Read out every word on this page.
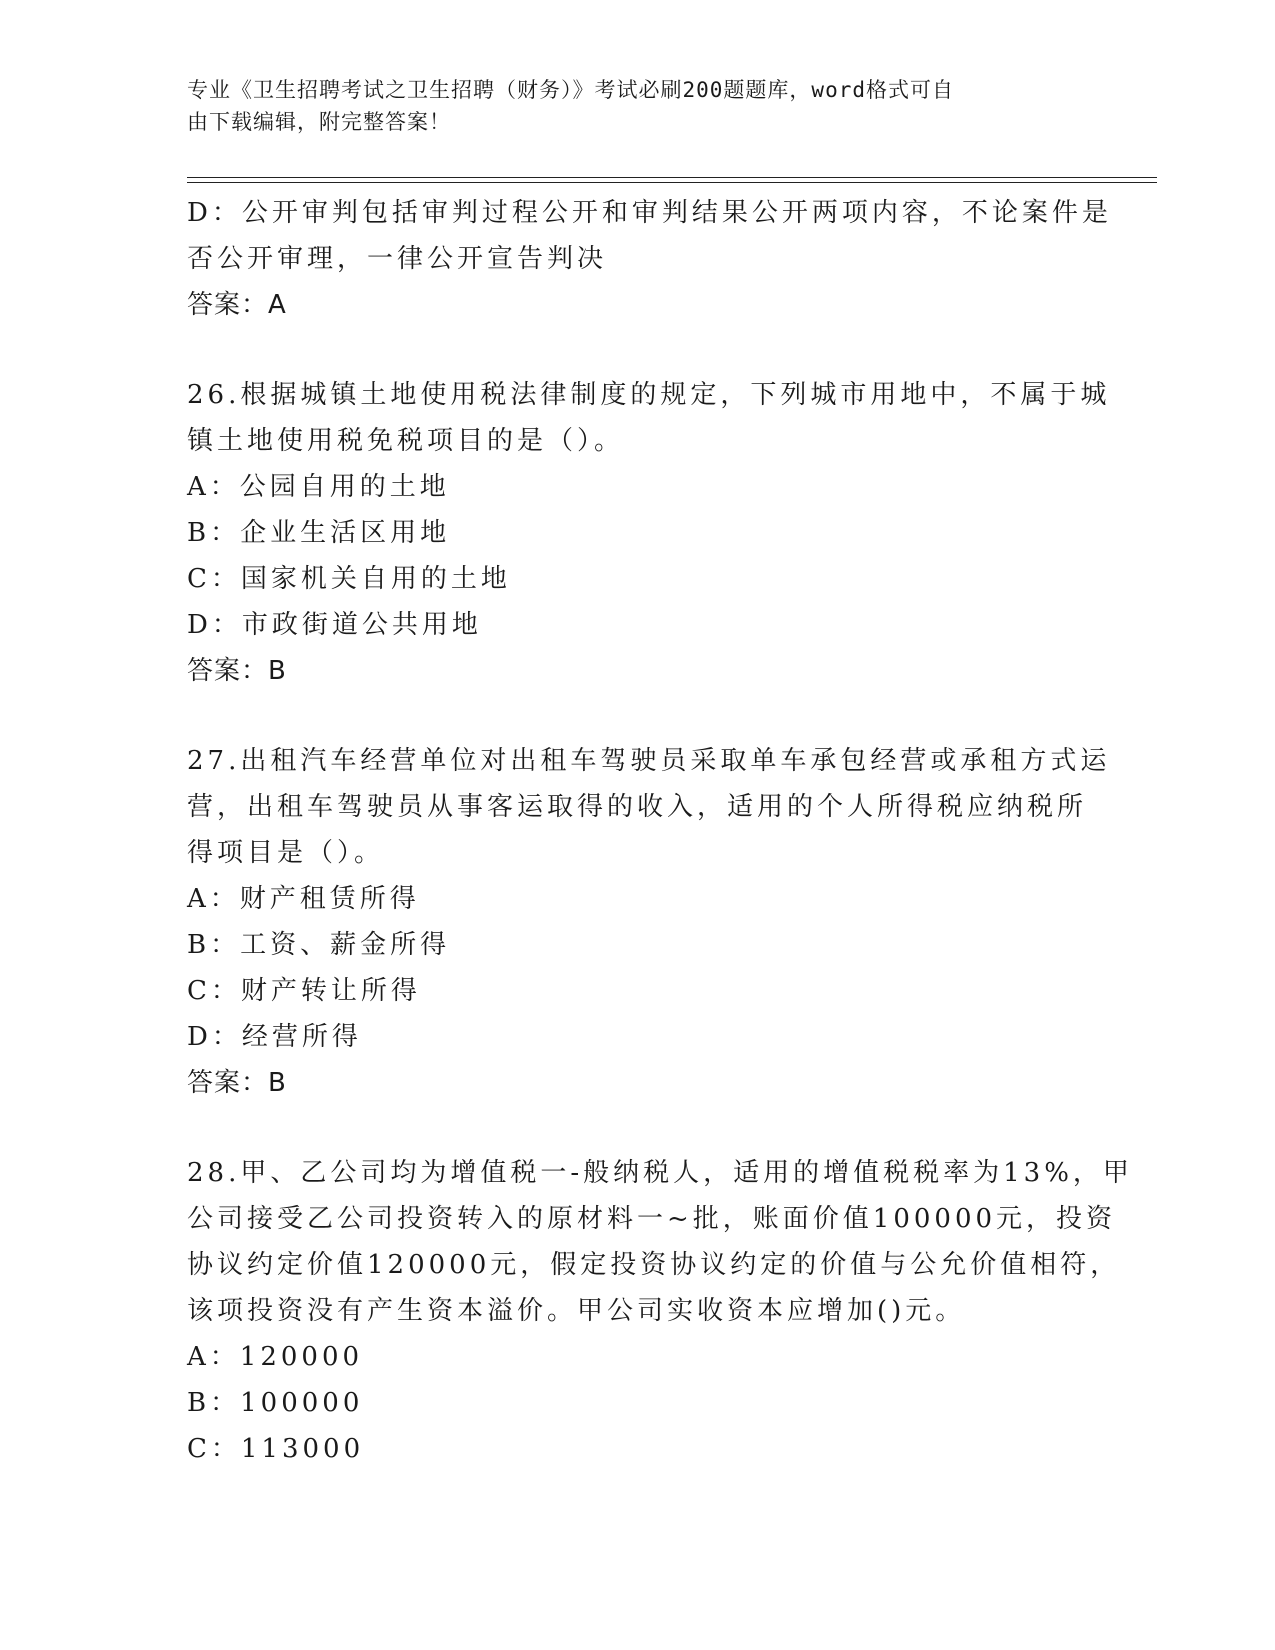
专业《卫生招聘考试之卫生招聘（财务）》考试必刷200题题库，word格式可自
由下载编辑，附完整答案！
D：公开审判包括审判过程公开和审判结果公开两项内容，不论案件是
否公开审理，一律公开宣告判决
答案：A
26.根据城镇土地使用税法律制度的规定，下列城市用地中，不属于城
镇土地使用税免税项目的是（）。
A：公园自用的土地
B：企业生活区用地
C：国家机关自用的土地
D：市政街道公共用地
答案：B
27.出租汽车经营单位对出租车驾驶员采取单车承包经营或承租方式运
营，出租车驾驶员从事客运取得的收入，适用的个人所得税应纳税所
得项目是（）。
A：财产租赁所得
B：工资、薪金所得
C：财产转让所得
D：经营所得
答案：B
28.甲、乙公司均为增值税一-般纳税人，适用的增值税税率为13%，甲
公司接受乙公司投资转入的原材料一~批，账面价值100000元，投资
协议约定价值120000元，假定投资协议约定的价值与公允价值相符，
该项投资没有产生资本溢价。甲公司实收资本应增加()元。
A：120000
B：100000
C：113000
